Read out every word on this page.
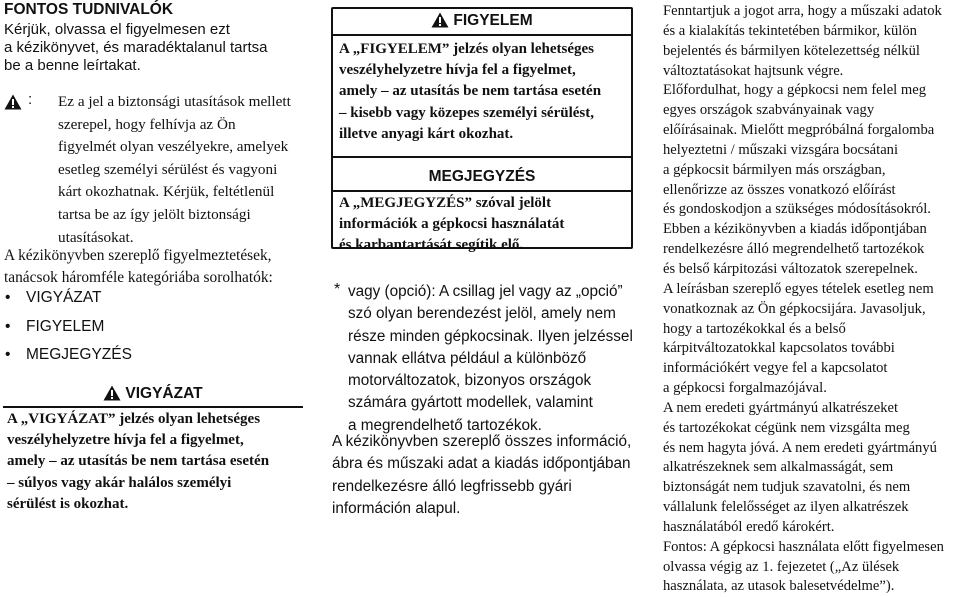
FONTOS TUDNIVALÓK
Kérjük, olvassa el figyelmesen ezt
a kézikönyvet, és maradéktalanul tartsa
be a benne leírtakat.
: Ez a jel a biztonsági utasítások mellett
szerepel, hogy felhívja az Ön
figyelmét olyan veszélyekre, amelyek
esetleg személyi sérülést és vagyoni
kárt okozhatnak. Kérjük, feltétlenül
tartsa be az így jelölt biztonsági
utasításokat.
A kézikönyvben szereplő figyelmeztetések,
tanácsok háromféle kategóriába sorolhatók:
• VIGYÁZAT
• FIGYELEM
• MEGJEGYZÉS
VIGYÁZAT
A „VIGYÁZAT” jelzés olyan lehetséges
veszélyhelyzetre hívja fel a figyelmet,
amely – az utasítás be nem tartása esetén
– súlyos vagy akár halálos személyi
sérülést is okozhat.
FIGYELEM
A „FIGYELEM” jelzés olyan lehetséges
veszélyhelyzetre hívja fel a figyelmet,
amely – az utasítás be nem tartása esetén
– kisebb vagy közepes személyi sérülést,
illetve anyagi kárt okozhat.
MEGJEGYZÉS
A „MEGJEGYZÉS” szóval jelölt
információk a gépkocsi használatát
és karbantartását segítik elő.
* vagy (opció): A csillag jel vagy az „opció”
szó olyan berendezést jelöl, amely nem
része minden gépkocsinak. Ilyen jelzéssel
vannak ellátva például a különböző
motorváltozatok, bizonyos országok
számára gyártott modellek, valamint
a megrendelhető tartozékok.
A kézikönyvben szereplő összes információ,
ábra és műszaki adat a kiadás időpontjában
rendelkezésre álló legfrissebb gyári
információn alapul.
Fenntartjuk a jogot arra, hogy a műszaki adatok
és a kialakítás tekintetében bármikor, külön
bejelentés és bármilyen kötelezettség nélkül
változtatásokat hajtsunk végre.
Előfordulhat, hogy a gépkocsi nem felel meg
egyes országok szabványainak vagy
előírásainak. Mielőtt megpróbálná forgalomba
helyeztetni / műszaki vizsgára bocsátani
a gépkocsit bármilyen más országban,
ellenőrizze az összes vonatkozó előírást
és gondoskodjon a szükséges módosításokról.
Ebben a kézikönyvben a kiadás időpontjában
rendelkezésre álló megrendelhető tartozékok
és belső kárpitozási változatok szerepelnek.
A leírásban szereplő egyes tételek esetleg nem
vonatkoznak az Ön gépkocsijára. Javasoljuk,
hogy a tartozékokkal és a belső
kárpitváltozatokkal kapcsolatos további
információkért vegye fel a kapcsolatot
a gépkocsi forgalmazójával.
A nem eredeti gyártmányú alkatrészeket
és tartozékokat cégünk nem vizsgálta meg
és nem hagyta jóvá. A nem eredeti gyártmányú
alkatrészeknek sem alkalmasságát, sem
biztonságát nem tudjuk szavatolni, és nem
vállalunk felelősséget az ilyen alkatrészek
használatából eredő károkért.
Fontos: A gépkocsi használata előtt figyelmesen
olvassa végig az 1. fejezetet („Az ülések
használata, az utasok balesetvédelme”).
